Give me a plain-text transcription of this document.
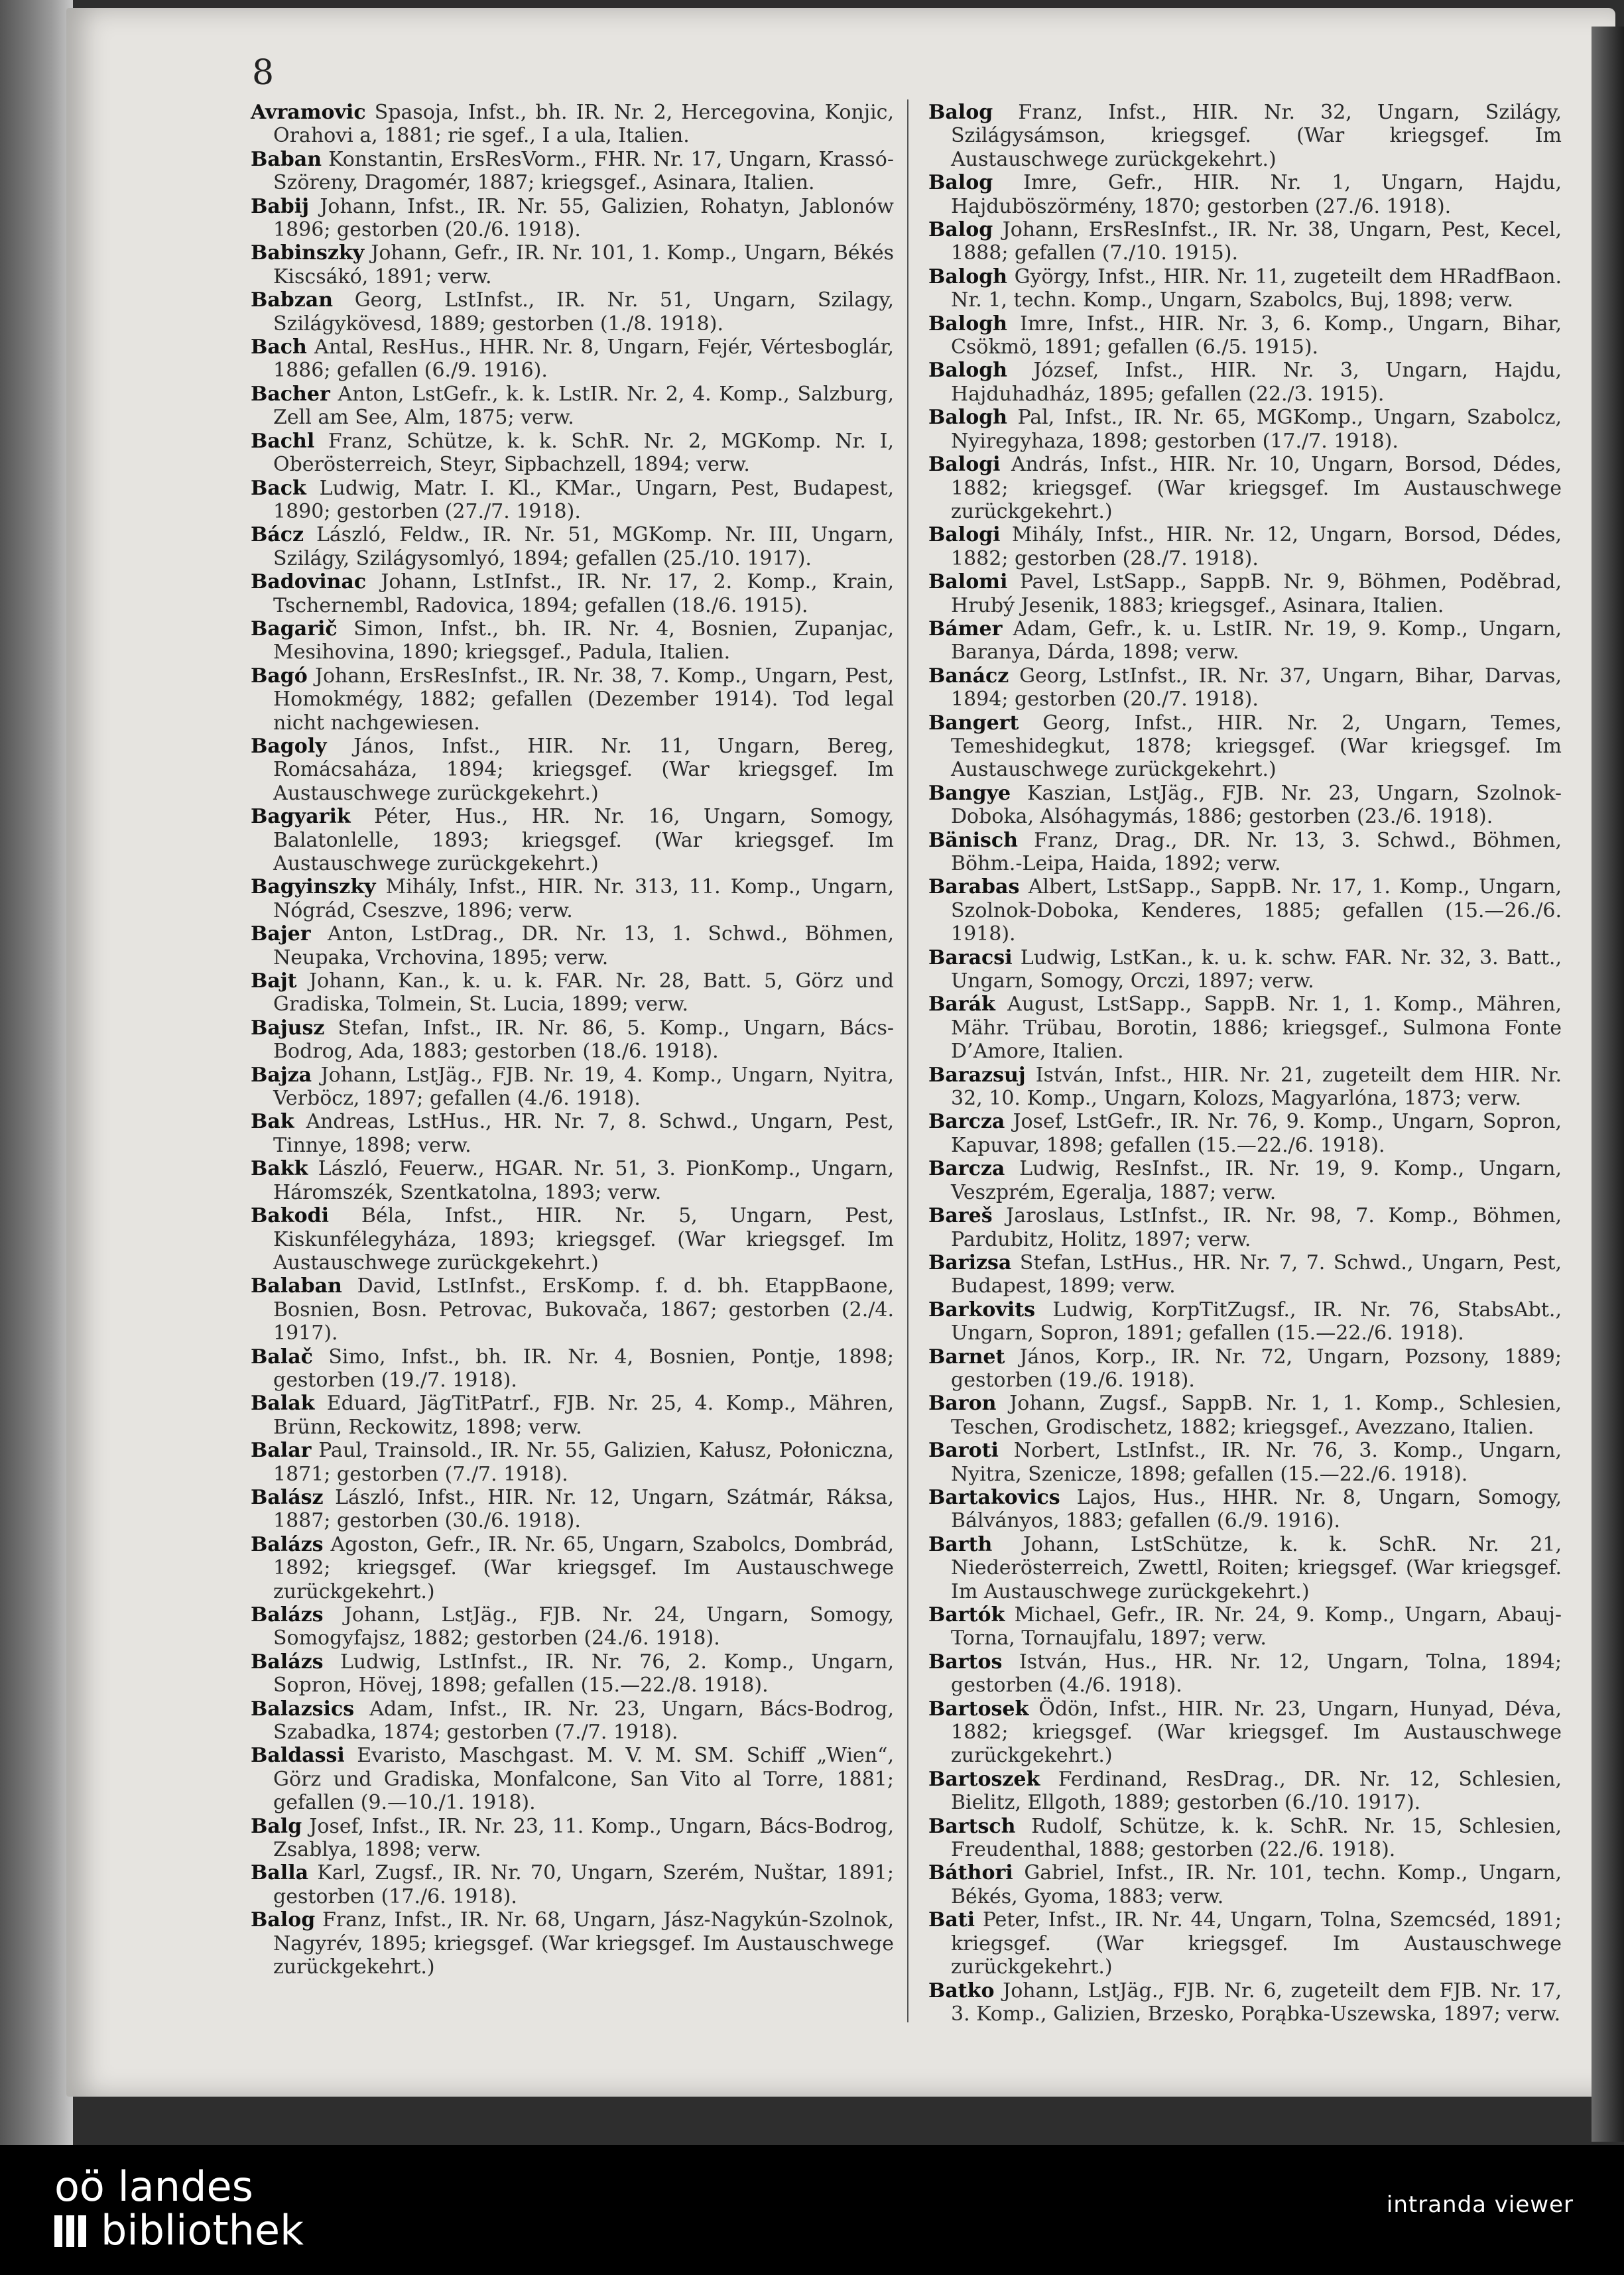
8

Avramovic Spasoja, Infst., bh. IR. Nr. 2, Hercegovina, Konjic, Orahovi a, 1881; rie sgef., I a ula, Italien.

Baban Konstantin, ErsResVorm., FHR. Nr. 17, Ungarn, Krassó-Szöreny, Dragomér, 1887; kriegsgef., Asinara, Italien.

Babij Johann, Infst., IR. Nr. 55, Galizien, Rohatyn, Jablonów 1896; gestorben (20./6. 1918).

Babinszky Johann, Gefr., IR. Nr. 101, 1. Komp., Ungarn, Békés Kiscsákó, 1891; verw.

Babzan Georg, LstInfst., IR. Nr. 51, Ungarn, Szilagy, Szilágykövesd, 1889; gestorben (1./8. 1918).

Bach Antal, ResHus., HHR. Nr. 8, Ungarn, Fejér, Vértesboglár, 1886; gefallen (6./9. 1916).

Bacher Anton, LstGefr., k. k. LstIR. Nr. 2, 4. Komp., Salzburg, Zell am See, Alm, 1875; verw.

Bachl Franz, Schütze, k. k. SchR. Nr. 2, MGKomp. Nr. I, Oberösterreich, Steyr, Sipbachzell, 1894; verw.

Back Ludwig, Matr. I. Kl., KMar., Ungarn, Pest, Budapest, 1890; gestorben (27./7. 1918).

Bácz László, Feldw., IR. Nr. 51, MGKomp. Nr. III, Ungarn, Szilágy, Szilágysomlyó, 1894; gefallen (25./10. 1917).

Badovinac Johann, LstInfst., IR. Nr. 17, 2. Komp., Krain, Tschernembl, Radovica, 1894; gefallen (18./6. 1915).

Bagarič Simon, Infst., bh. IR. Nr. 4, Bosnien, Zupanjac, Mesihovina, 1890; kriegsgef., Padula, Italien.

Bagó Johann, ErsResInfst., IR. Nr. 38, 7. Komp., Ungarn, Pest, Homokmégy, 1882; gefallen (Dezember 1914). Tod legal nicht nachgewiesen.

Bagoly János, Infst., HIR. Nr. 11, Ungarn, Bereg, Romácsaháza, 1894; kriegsgef. (War kriegsgef. Im Austauschwege zurückgekehrt.)

Bagyarik Péter, Hus., HR. Nr. 16, Ungarn, Somogy, Balatonlelle, 1893; kriegsgef. (War kriegsgef. Im Austauschwege zurückgekehrt.)

Bagyinszky Mihály, Infst., HIR. Nr. 313, 11. Komp., Ungarn, Nógrád, Cseszve, 1896; verw.

Bajer Anton, LstDrag., DR. Nr. 13, 1. Schwd., Böhmen, Neupaka, Vrchovina, 1895; verw.

Bajt Johann, Kan., k. u. k. FAR. Nr. 28, Batt. 5, Görz und Gradiska, Tolmein, St. Lucia, 1899; verw.

Bajusz Stefan, Infst., IR. Nr. 86, 5. Komp., Ungarn, Bács-Bodrog, Ada, 1883; gestorben (18./6. 1918).

Bajza Johann, LstJäg., FJB. Nr. 19, 4. Komp., Ungarn, Nyitra, Verböcz, 1897; gefallen (4./6. 1918).

Bak Andreas, LstHus., HR. Nr. 7, 8. Schwd., Ungarn, Pest, Tinnye, 1898; verw.

Bakk László, Feuerw., HGAR. Nr. 51, 3. PionKomp., Ungarn, Háromszék, Szentkatolna, 1893; verw.

Bakodi Béla, Infst., HIR. Nr. 5, Ungarn, Pest, Kiskunfélegyháza, 1893; kriegsgef. (War kriegsgef. Im Austauschwege zurückgekehrt.)

Balaban David, LstInfst., ErsKomp. f. d. bh. EtappBaone, Bosnien, Bosn. Petrovac, Bukovača, 1867; gestorben (2./4. 1917).

Balač Simo, Infst., bh. IR. Nr. 4, Bosnien, Pontje, 1898; gestorben (19./7. 1918).

Balak Eduard, JägTitPatrf., FJB. Nr. 25, 4. Komp., Mähren, Brünn, Reckowitz, 1898; verw.

Balar Paul, Trainsold., IR. Nr. 55, Galizien, Kałusz, Połoniczna, 1871; gestorben (7./7. 1918).

Balász László, Infst., HIR. Nr. 12, Ungarn, Szátmár, Ráksa, 1887; gestorben (30./6. 1918).

Balázs Agoston, Gefr., IR. Nr. 65, Ungarn, Szabolcs, Dombrád, 1892; kriegsgef. (War kriegsgef. Im Austauschwege zurückgekehrt.)

Balázs Johann, LstJäg., FJB. Nr. 24, Ungarn, Somogy, Somogyfajsz, 1882; gestorben (24./6. 1918).

Balázs Ludwig, LstInfst., IR. Nr. 76, 2. Komp., Ungarn, Sopron, Hövej, 1898; gefallen (15.—22./8. 1918).

Balazsics Adam, Infst., IR. Nr. 23, Ungarn, Bács-Bodrog, Szabadka, 1874; gestorben (7./7. 1918).

Baldassi Evaristo, Maschgast. M. V. M. SM. Schiff „Wien“, Görz und Gradiska, Monfalcone, San Vito al Torre, 1881; gefallen (9.—10./1. 1918).

Balg Josef, Infst., IR. Nr. 23, 11. Komp., Ungarn, Bács-Bodrog, Zsablya, 1898; verw.

Balla Karl, Zugsf., IR. Nr. 70, Ungarn, Szerém, Nuštar, 1891; gestorben (17./6. 1918).

Balog Franz, Infst., IR. Nr. 68, Ungarn, Jász-Nagykún-Szolnok, Nagyrév, 1895; kriegsgef. (War kriegsgef. Im Austauschwege zurückgekehrt.)

Balog Franz, Infst., HIR. Nr. 32, Ungarn, Szilágy, Szilágysámson, kriegsgef. (War kriegsgef. Im Austauschwege zurückgekehrt.)

Balog Imre, Gefr., HIR. Nr. 1, Ungarn, Hajdu, Hajduböszörmény, 1870; gestorben (27./6. 1918).

Balog Johann, ErsResInfst., IR. Nr. 38, Ungarn, Pest, Kecel, 1888; gefallen (7./10. 1915).

Balogh György, Infst., HIR. Nr. 11, zugeteilt dem HRadfBaon. Nr. 1, techn. Komp., Ungarn, Szabolcs, Buj, 1898; verw.

Balogh Imre, Infst., HIR. Nr. 3, 6. Komp., Ungarn, Bihar, Csökmö, 1891; gefallen (6./5. 1915).

Balogh József, Infst., HIR. Nr. 3, Ungarn, Hajdu, Hajduhadház, 1895; gefallen (22./3. 1915).

Balogh Pal, Infst., IR. Nr. 65, MGKomp., Ungarn, Szabolcz, Nyiregyhaza, 1898; gestorben (17./7. 1918).

Balogi András, Infst., HIR. Nr. 10, Ungarn, Borsod, Dédes, 1882; kriegsgef. (War kriegsgef. Im Austauschwege zurückgekehrt.)

Balogi Mihály, Infst., HIR. Nr. 12, Ungarn, Borsod, Dédes, 1882; gestorben (28./7. 1918).

Balomi Pavel, LstSapp., SappB. Nr. 9, Böhmen, Poděbrad, Hrubý Jesenik, 1883; kriegsgef., Asinara, Italien.

Bámer Adam, Gefr., k. u. LstIR. Nr. 19, 9. Komp., Ungarn, Baranya, Dárda, 1898; verw.

Banácz Georg, LstInfst., IR. Nr. 37, Ungarn, Bihar, Darvas, 1894; gestorben (20./7. 1918).

Bangert Georg, Infst., HIR. Nr. 2, Ungarn, Temes, Temeshidegkut, 1878; kriegsgef. (War kriegsgef. Im Austauschwege zurückgekehrt.)

Bangye Kaszian, LstJäg., FJB. Nr. 23, Ungarn, Szolnok-Doboka, Alsóhagymás, 1886; gestorben (23./6. 1918).

Bänisch Franz, Drag., DR. Nr. 13, 3. Schwd., Böhmen, Böhm.-Leipa, Haida, 1892; verw.

Barabas Albert, LstSapp., SappB. Nr. 17, 1. Komp., Ungarn, Szolnok-Doboka, Kenderes, 1885; gefallen (15.—26./6. 1918).

Baracsi Ludwig, LstKan., k. u. k. schw. FAR. Nr. 32, 3. Batt., Ungarn, Somogy, Orczi, 1897; verw.

Barák August, LstSapp., SappB. Nr. 1, 1. Komp., Mähren, Mähr. Trübau, Borotin, 1886; kriegsgef., Sulmona Fonte D’Amore, Italien.

Barazsuj István, Infst., HIR. Nr. 21, zugeteilt dem HIR. Nr. 32, 10. Komp., Ungarn, Kolozs, Magyarlóna, 1873; verw.

Barcza Josef, LstGefr., IR. Nr. 76, 9. Komp., Ungarn, Sopron, Kapuvar, 1898; gefallen (15.—22./6. 1918).

Barcza Ludwig, ResInfst., IR. Nr. 19, 9. Komp., Ungarn, Veszprém, Egeralja, 1887; verw.

Bareš Jaroslaus, LstInfst., IR. Nr. 98, 7. Komp., Böhmen, Pardubitz, Holitz, 1897; verw.

Barizsa Stefan, LstHus., HR. Nr. 7, 7. Schwd., Ungarn, Pest, Budapest, 1899; verw.

Barkovits Ludwig, KorpTitZugsf., IR. Nr. 76, StabsAbt., Ungarn, Sopron, 1891; gefallen (15.—22./6. 1918).

Barnet János, Korp., IR. Nr. 72, Ungarn, Pozsony, 1889; gestorben (19./6. 1918).

Baron Johann, Zugsf., SappB. Nr. 1, 1. Komp., Schlesien, Teschen, Grodischetz, 1882; kriegsgef., Avezzano, Italien.

Baroti Norbert, LstInfst., IR. Nr. 76, 3. Komp., Ungarn, Nyitra, Szenicze, 1898; gefallen (15.—22./6. 1918).

Bartakovics Lajos, Hus., HHR. Nr. 8, Ungarn, Somogy, Bálványos, 1883; gefallen (6./9. 1916).

Barth Johann, LstSchütze, k. k. SchR. Nr. 21, Niederösterreich, Zwettl, Roiten; kriegsgef. (War kriegsgef. Im Austauschwege zurückgekehrt.)

Bartók Michael, Gefr., IR. Nr. 24, 9. Komp., Ungarn, Abauj-Torna, Tornaujfalu, 1897; verw.

Bartos István, Hus., HR. Nr. 12, Ungarn, Tolna, 1894; gestorben (4./6. 1918).

Bartosek Ödön, Infst., HIR. Nr. 23, Ungarn, Hunyad, Déva, 1882; kriegsgef. (War kriegsgef. Im Austauschwege zurückgekehrt.)

Bartoszek Ferdinand, ResDrag., DR. Nr. 12, Schlesien, Bielitz, Ellgoth, 1889; gestorben (6./10. 1917).

Bartsch Rudolf, Schütze, k. k. SchR. Nr. 15, Schlesien, Freudenthal, 1888; gestorben (22./6. 1918).

Báthori Gabriel, Infst., IR. Nr. 101, techn. Komp., Ungarn, Békés, Gyoma, 1883; verw.

Bati Peter, Infst., IR. Nr. 44, Ungarn, Tolna, Szemcséd, 1891; kriegsgef. (War kriegsgef. Im Austauschwege zurückgekehrt.)

Batko Johann, LstJäg., FJB. Nr. 6, zugeteilt dem FJB. Nr. 17, 3. Komp., Galizien, Brzesko, Porąbka-Uszewska, 1897; verw.

oö landes
bibliothek
intranda viewer
